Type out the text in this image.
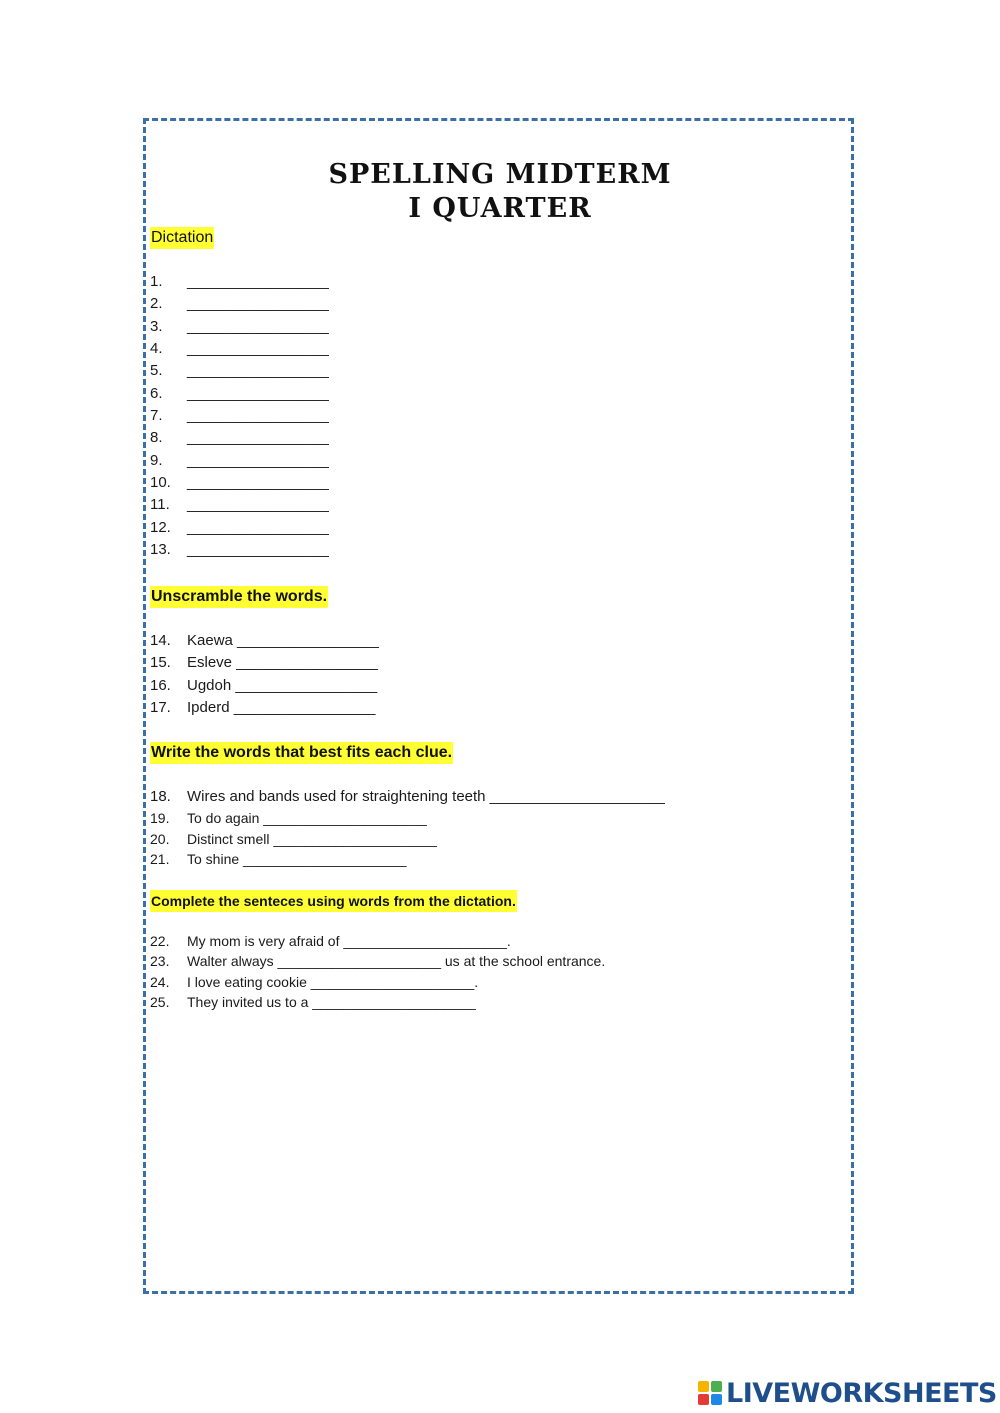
SPELLING MIDTERM
I QUARTER
Dictation
1. _________________
2. _________________
3. _________________
4. _________________
5. _________________
6. _________________
7. _________________
8. _________________
9. _________________
10. _________________
11. _________________
12. _________________
13. _________________
Unscramble the words.
14. Kaewa _________________
15. Esleve _________________
16. Ugdoh _________________
17. Ipderd _________________
Write the words that best fits each clue.
18. Wires and bands used for straightening teeth _____________________
19. To do again _____________________
20. Distinct smell _____________________
21. To shine _____________________
Complete the senteces using words from the dictation.
22. My mom is very afraid of _____________________.
23. Walter always _____________________ us at the school entrance.
24. I love eating cookie _____________________.
25. They invited us to a _____________________
LIVEWORKSHEETS
